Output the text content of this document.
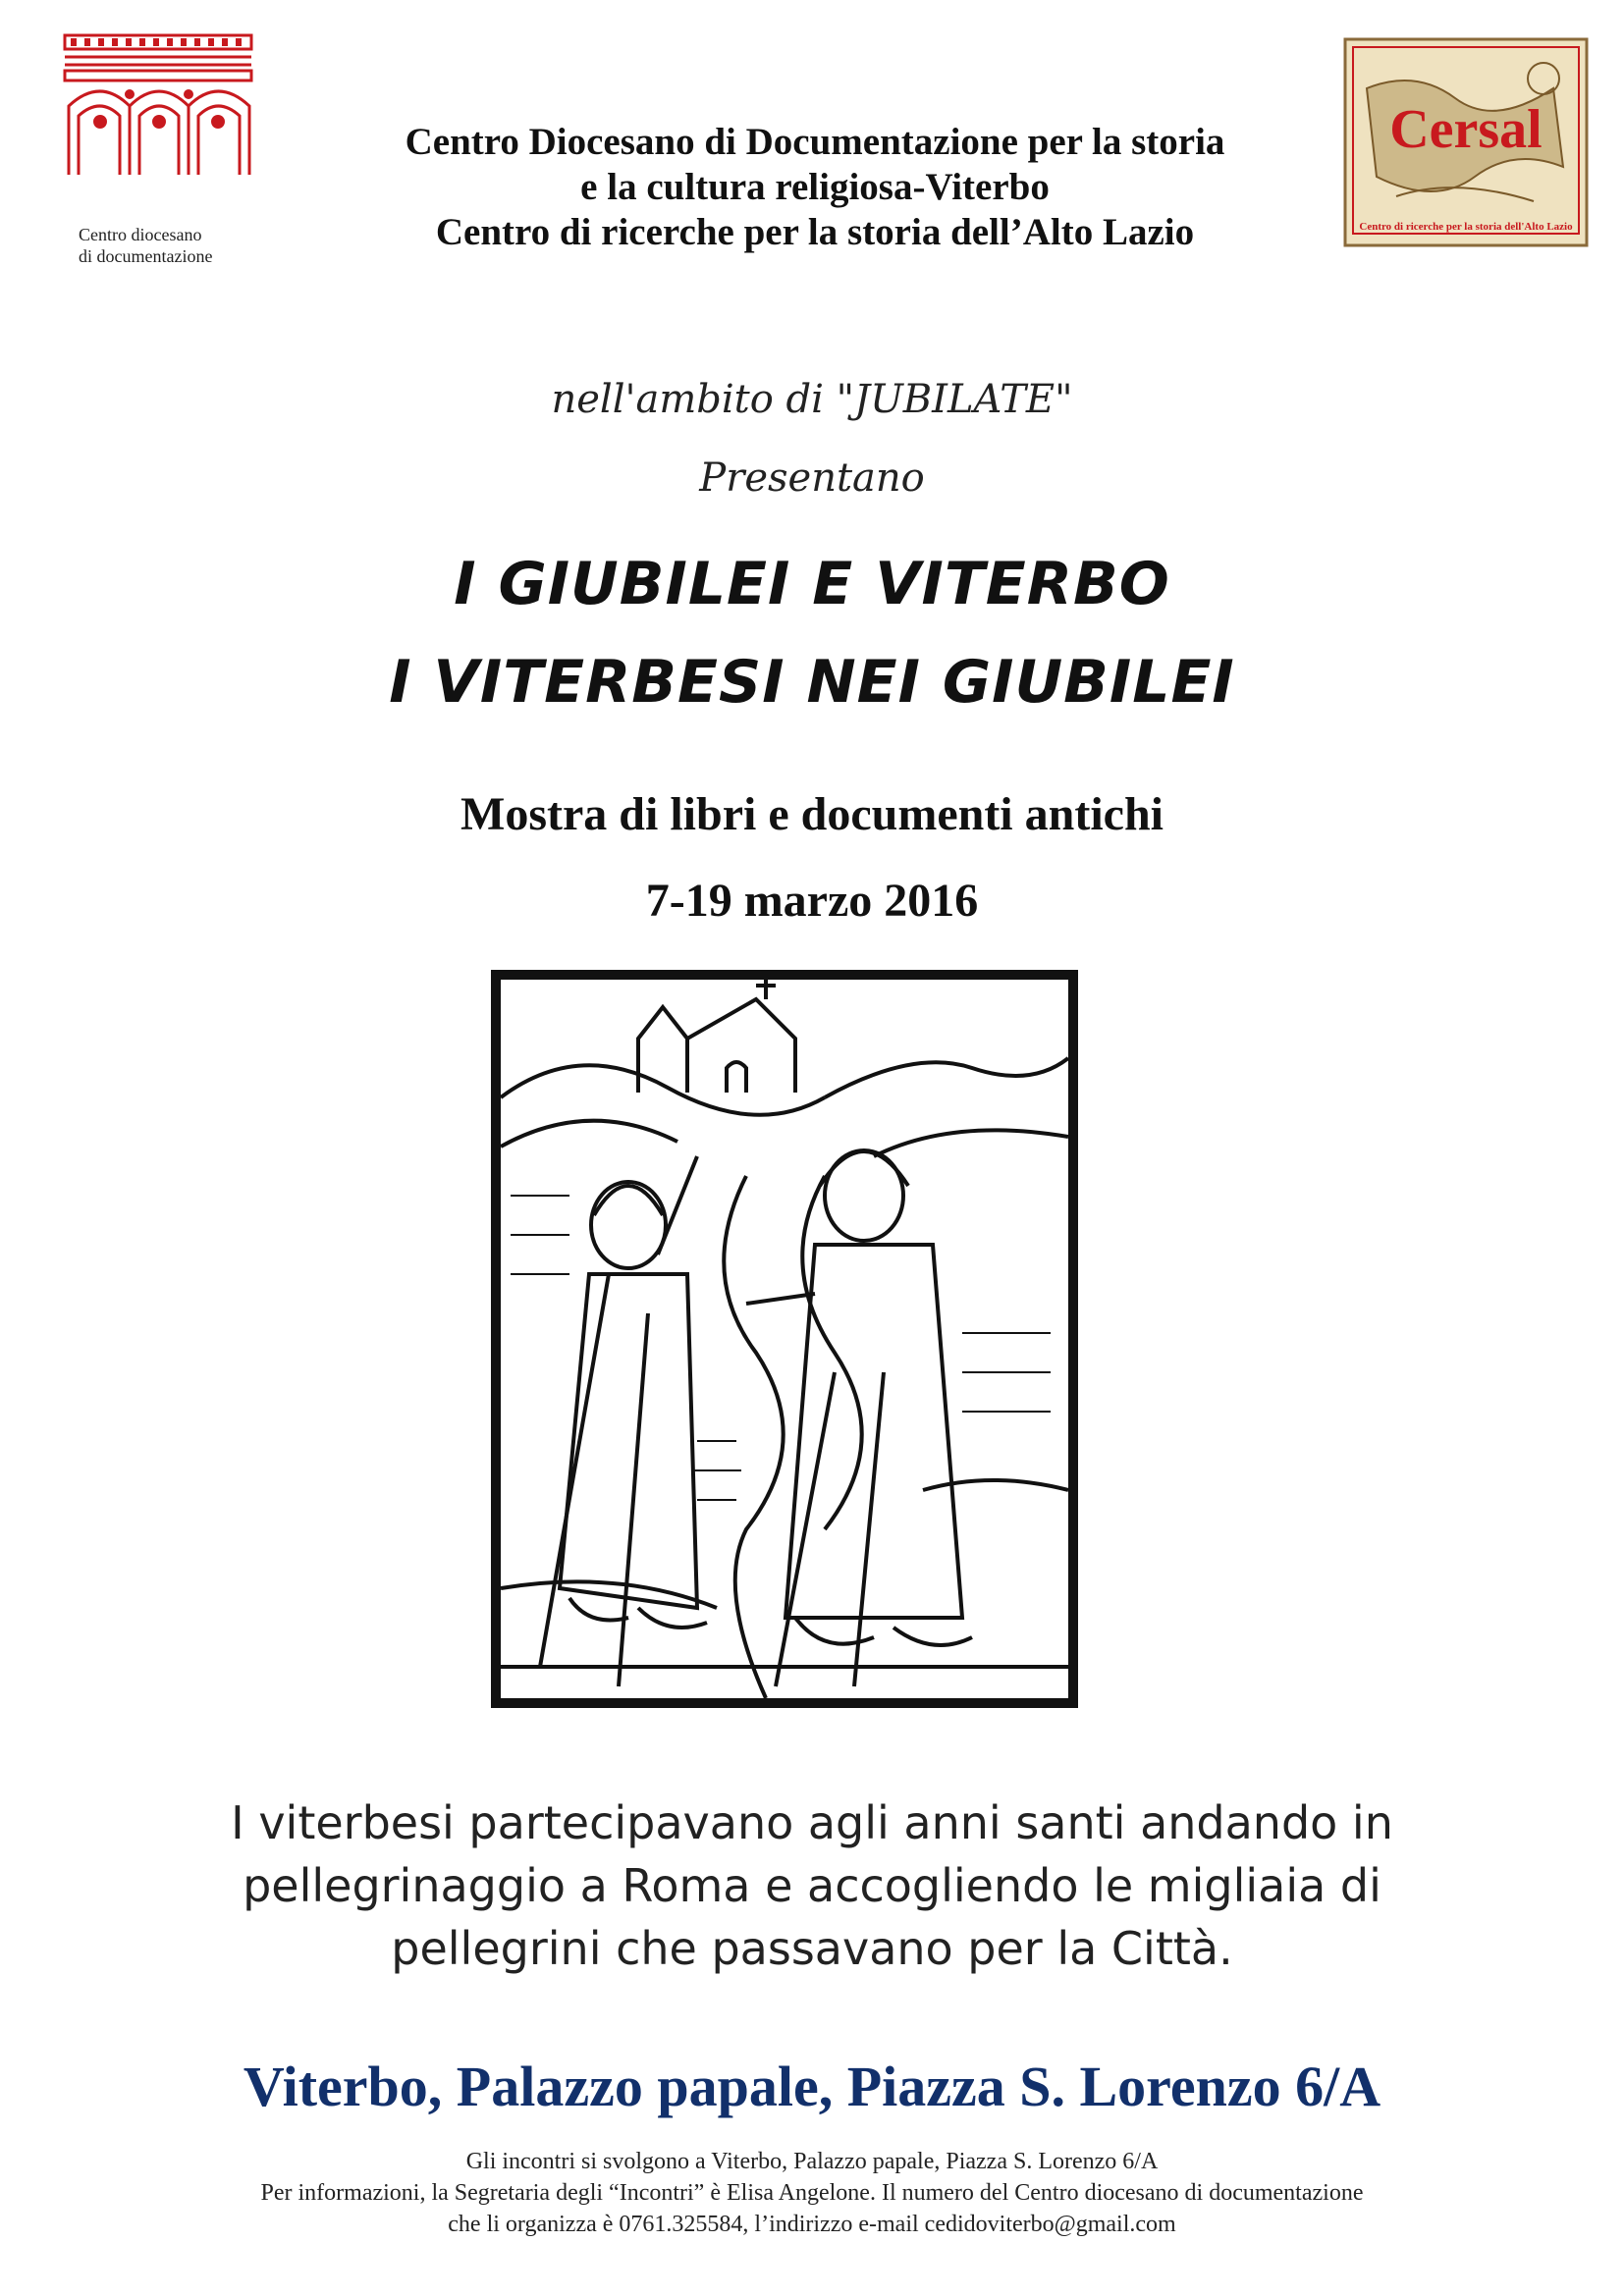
Centro diocesano
di documentazione
Cersal
Centro di ricerche per la storia dell'Alto Lazio
Centro Diocesano di Documentazione per la storia
e la cultura religiosa-Viterbo
Centro di ricerche per la storia dell’Alto Lazio
nell'ambito di "JUBILATE"
Presentano
I GIUBILEI E VITERBO
I VITERBESI NEI GIUBILEI
Mostra di libri e documenti antichi
7-19 marzo 2016
I viterbesi partecipavano agli anni santi andando in
pellegrinaggio a Roma e accogliendo le migliaia di
pellegrini che passavano per la Città.
Viterbo, Palazzo papale, Piazza S. Lorenzo 6/A
Gli incontri si svolgono a Viterbo, Palazzo papale, Piazza S. Lorenzo 6/A
Per informazioni, la Segretaria degli “Incontri” è Elisa Angelone. Il numero del Centro diocesano di documentazione
che li organizza è 0761.325584, l’indirizzo e-mail cedidoviterbo@gmail.com
